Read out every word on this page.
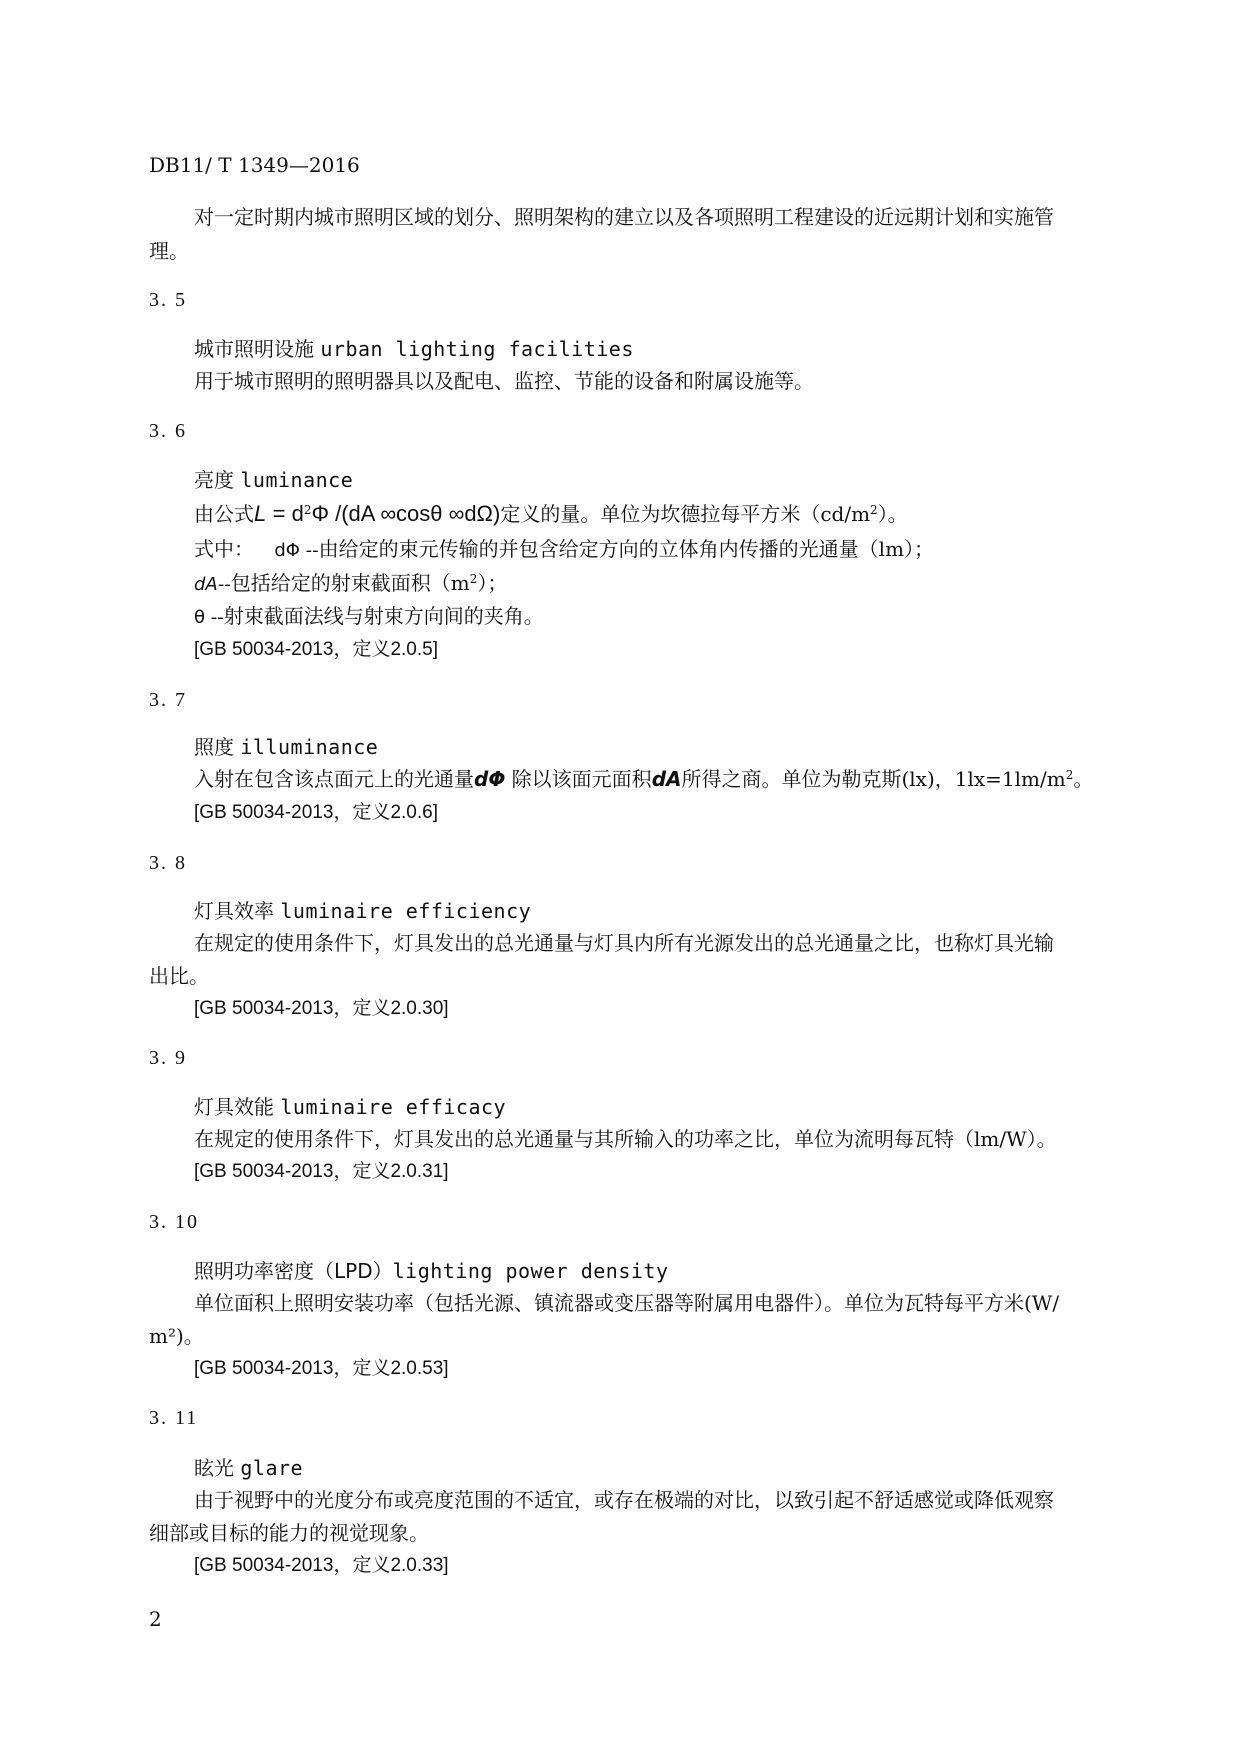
DB11/ T 1349—2016
对一定时期内城市照明区域的划分、照明架构的建立以及各项照明工程建设的近远期计划和实施管
理。
3. 5
城市照明设施 urban lighting facilities
用于城市照明的照明器具以及配电、监控、节能的设备和附属设施等。
3. 6
亮度 luminance
由公式$L = d^2\Phi$ /(dA ∞cosθ ∞dΩ)定义的量。单位为坎德拉每平方米$(cd/m^2)$。
式中： dΦ --由给定的束元传输的并包含给定方向的立体角内传播的光通量（lm）；
dA--包括给定的射束截面积$(m^2)$；
θ --射束截面法线与射束方向间的夹角。
[GB 50034-2013，定义2.0.5]
3. 7
照度 illuminance
入射在包含该点面元上的光通量dΦ 除以该面元面积dA所得之商。单位为勒克斯(lx)，$1lx=1lm/m^2$。
[GB 50034-2013，定义2.0.6]
3. 8
灯具效率 luminaire efficiency
在规定的使用条件下，灯具发出的总光通量与灯具内所有光源发出的总光通量之比，也称灯具光输
出比。
[GB 50034-2013，定义2.0.30]
3. 9
灯具效能 luminaire efficacy
在规定的使用条件下，灯具发出的总光通量与其所输入的功率之比，单位为流明每瓦特（lm/W）。
[GB 50034-2013，定义2.0.31]
3. 10
照明功率密度（LPD）lighting power density
单位面积上照明安装功率（包括光源、镇流器或变压器等附属用电器件）。单位为瓦特每平方米(W/
m²)。
[GB 50034-2013，定义2.0.53]
3. 11
眩光 glare
由于视野中的光度分布或亮度范围的不适宜，或存在极端的对比，以致引起不舒适感觉或降低观察
细部或目标的能力的视觉现象。
[GB 50034-2013，定义2.0.33]
2
